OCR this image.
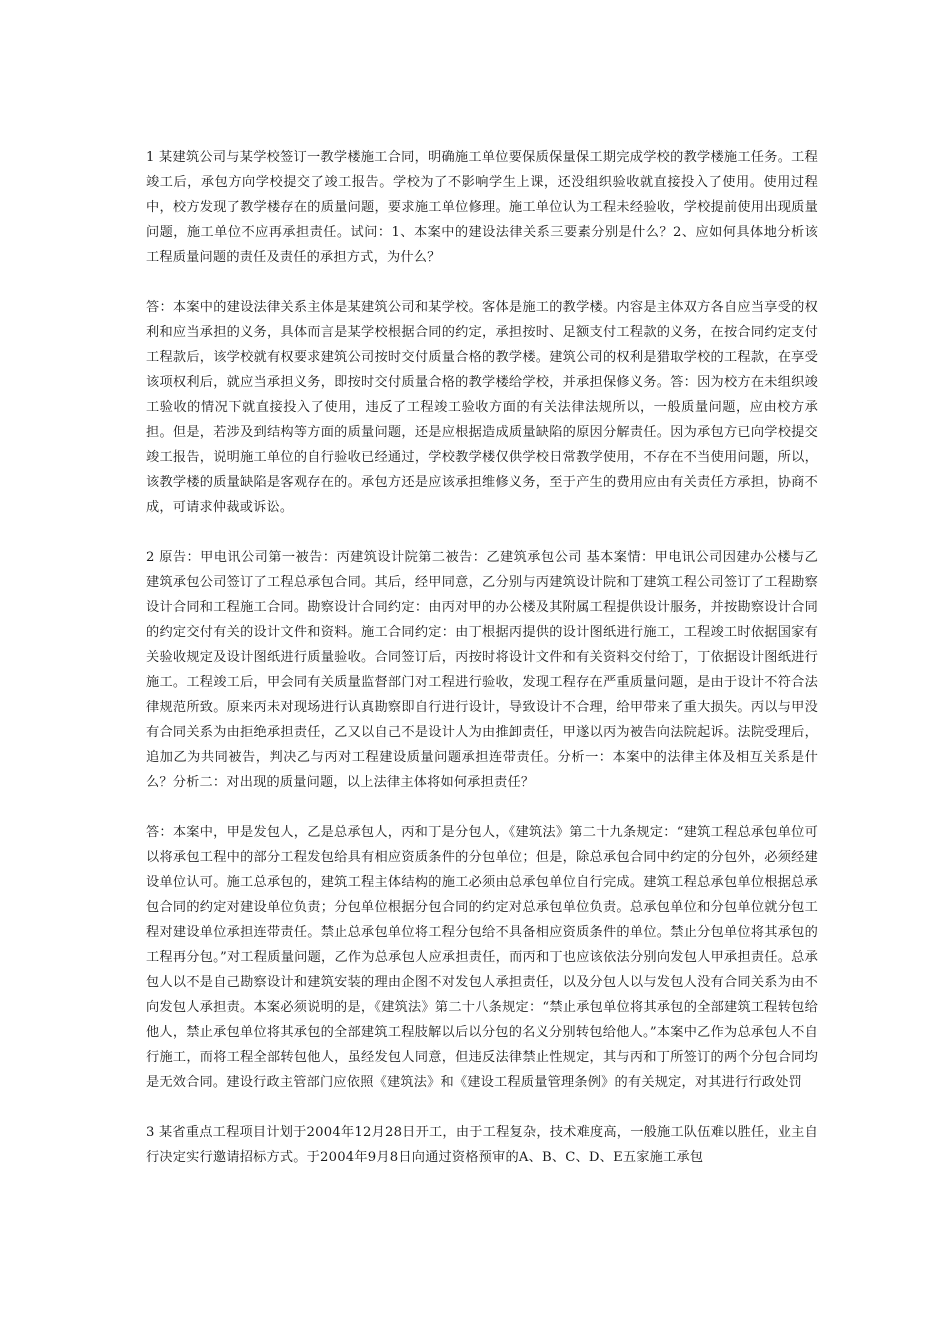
1 某建筑公司与某学校签订一教学楼施工合同，明确施工单位要保质保量保工期完成学校的教学楼施工任务。工程竣工后，承包方向学校提交了竣工报告。学校为了不影响学生上课，还没组织验收就直接投入了使用。使用过程中，校方发现了教学楼存在的质量问题，要求施工单位修理。施工单位认为工程未经验收，学校提前使用出现质量问题，施工单位不应再承担责任。试问：1、本案中的建设法律关系三要素分别是什么？2、应如何具体地分析该工程质量问题的责任及责任的承担方式，为什么？

答：本案中的建设法律关系主体是某建筑公司和某学校。客体是施工的教学楼。内容是主体双方各自应当享受的权利和应当承担的义务，具体而言是某学校根据合同的约定，承担按时、足额支付工程款的义务，在按合同约定支付工程款后，该学校就有权要求建筑公司按时交付质量合格的教学楼。建筑公司的权利是猎取学校的工程款，在享受该项权利后，就应当承担义务，即按时交付质量合格的教学楼给学校，并承担保修义务。答：因为校方在未组织竣工验收的情况下就直接投入了使用，违反了工程竣工验收方面的有关法律法规所以，一般质量问题，应由校方承担。但是，若涉及到结构等方面的质量问题，还是应根据造成质量缺陷的原因分解责任。因为承包方已向学校提交竣工报告，说明施工单位的自行验收已经通过，学校教学楼仅供学校日常教学使用，不存在不当使用问题，所以，该教学楼的质量缺陷是客观存在的。承包方还是应该承担维修义务，至于产生的费用应由有关责任方承担，协商不成，可请求仲裁或诉讼。

2 原告：甲电讯公司第一被告：丙建筑设计院第二被告：乙建筑承包公司 基本案情：甲电讯公司因建办公楼与乙建筑承包公司签订了工程总承包合同。其后，经甲同意，乙分别与丙建筑设计院和丁建筑工程公司签订了工程勘察设计合同和工程施工合同。勘察设计合同约定：由丙对甲的办公楼及其附属工程提供设计服务，并按勘察设计合同的约定交付有关的设计文件和资料。施工合同约定：由丁根据丙提供的设计图纸进行施工，工程竣工时依据国家有关验收规定及设计图纸进行质量验收。合同签订后，丙按时将设计文件和有关资料交付给丁，丁依据设计图纸进行施工。工程竣工后，甲会同有关质量监督部门对工程进行验收，发现工程存在严重质量问题，是由于设计不符合法律规范所致。原来丙未对现场进行认真勘察即自行进行设计，导致设计不合理，给甲带来了重大损失。丙以与甲没有合同关系为由拒绝承担责任，乙又以自己不是设计人为由推卸责任，甲遂以丙为被告向法院起诉。法院受理后，追加乙为共同被告，判决乙与丙对工程建设质量问题承担连带责任。分析一：本案中的法律主体及相互关系是什么？分析二：对出现的质量问题，以上法律主体将如何承担责任？

答：本案中，甲是发包人，乙是总承包人，丙和丁是分包人，《建筑法》第二十九条规定：“建筑工程总承包单位可以将承包工程中的部分工程发包给具有相应资质条件的分包单位；但是，除总承包合同中约定的分包外，必须经建设单位认可。施工总承包的，建筑工程主体结构的施工必须由总承包单位自行完成。建筑工程总承包单位根据总承包合同的约定对建设单位负责；分包单位根据分包合同的约定对总承包单位负责。总承包单位和分包单位就分包工程对建设单位承担连带责任。禁止总承包单位将工程分包给不具备相应资质条件的单位。禁止分包单位将其承包的工程再分包。”对工程质量问题，乙作为总承包人应承担责任，而丙和丁也应该依法分别向发包人甲承担责任。总承包人以不是自己勘察设计和建筑安装的理由企图不对发包人承担责任，以及分包人以与发包人没有合同关系为由不向发包人承担责。本案必须说明的是，《建筑法》第二十八条规定：“禁止承包单位将其承包的全部建筑工程转包给他人，禁止承包单位将其承包的全部建筑工程肢解以后以分包的名义分别转包给他人。”本案中乙作为总承包人不自行施工，而将工程全部转包他人，虽经发包人同意，但违反法律禁止性规定，其与丙和丁所签订的两个分包合同均是无效合同。建设行政主管部门应依照《建筑法》和《建设工程质量管理条例》的有关规定，对其进行行政处罚

3 某省重点工程项目计划于2004年12月28日开工，由于工程复杂，技术难度高，一般施工队伍难以胜任，业主自行决定实行邀请招标方式。于2004年9月8日向通过资格预审的A、B、C、D、E五家施工承包
